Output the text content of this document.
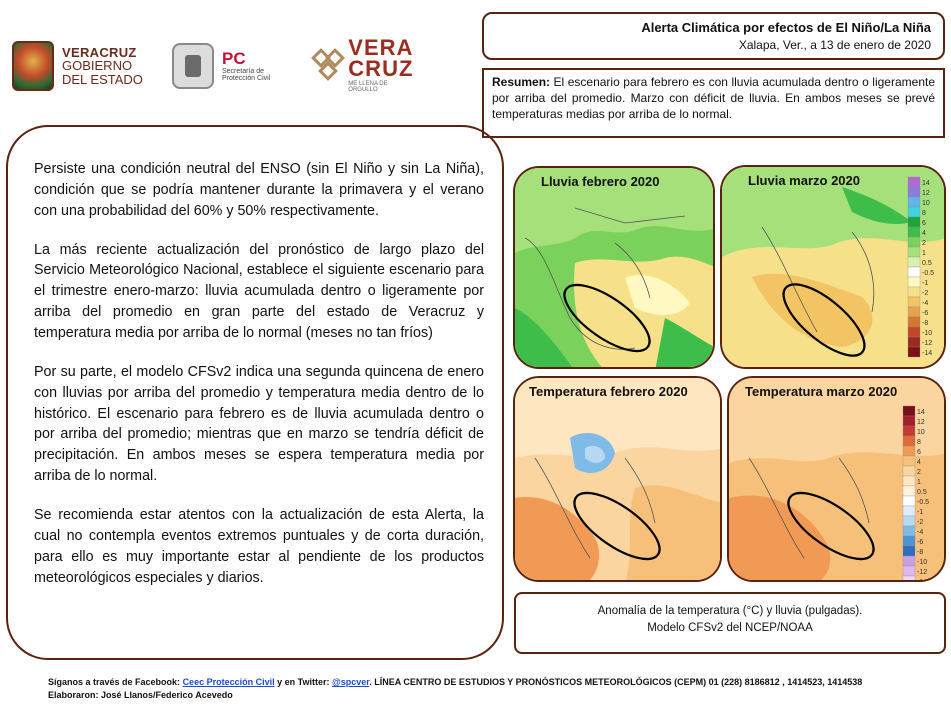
VERACRUZ
GOBIERNO
DEL ESTADO
PC
Secretaría de
Protección Civil
VERA
CRUZ
ME LLENA DE ORGULLO
Alerta Climática por efectos de El Niño/La Niña
Xalapa, Ver., a 13 de enero de 2020
Resumen: El escenario para febrero es con lluvia acumulada dentro o ligeramente por arriba del promedio. Marzo con déficit de lluvia. En ambos meses se prevé temperaturas medias por arriba de lo normal.

Persiste una condición neutral del ENSO (sin El Niño y sin La Niña), condición que se podría mantener durante la primavera y el verano con una probabilidad del 60% y 50% respectivamente.

La más reciente actualización del pronóstico de largo plazo del Servicio Meteorológico Nacional, establece el siguiente escenario para el trimestre enero-marzo: lluvia acumulada dentro o ligeramente por arriba del promedio en gran parte del estado de Veracruz y temperatura media por arriba de lo normal (meses no tan fríos)

Por su parte, el modelo CFSv2 indica una segunda quincena de enero con lluvias por arriba del promedio y temperatura media dentro de lo histórico. El escenario para febrero es de lluvia acumulada dentro o por arriba del promedio; mientras que en marzo se tendría déficit de precipitación. En ambos meses se espera temperatura media por arriba de lo normal.

Se recomienda estar atentos con la actualización de esta Alerta, la cual no contempla eventos extremos puntuales y de corta duración, para ello es muy importante estar al pendiente de los productos meteorológicos especiales y diarios.

Lluvia febrero 2020	Lluvia marzo 2020	14
12
10
8
6
4
2
1
0.5
-0.5
-1
-2
-4
-6
-8
-10
-12
-14
Temperatura febrero 2020	Temperatura marzo 2020
14
12
10
8
6
4
2
1
0.5
-0.5
-1
-2
-4
-6
-8
-10
-12
-14
Anomalía de la temperatura (°C) y lluvia (pulgadas).
Modelo CFSv2 del NCEP/NOAA
Síganos a través de Facebook: Ceec Protección Civil y en Twitter: @spcver. LÍNEA CENTRO DE ESTUDIOS Y PRONÓSTICOS METEOROLÓGICOS (CEPM) 01 (228) 8186812 , 1414523, 1414538
Elaboraron: José Llanos/Federico Acevedo
